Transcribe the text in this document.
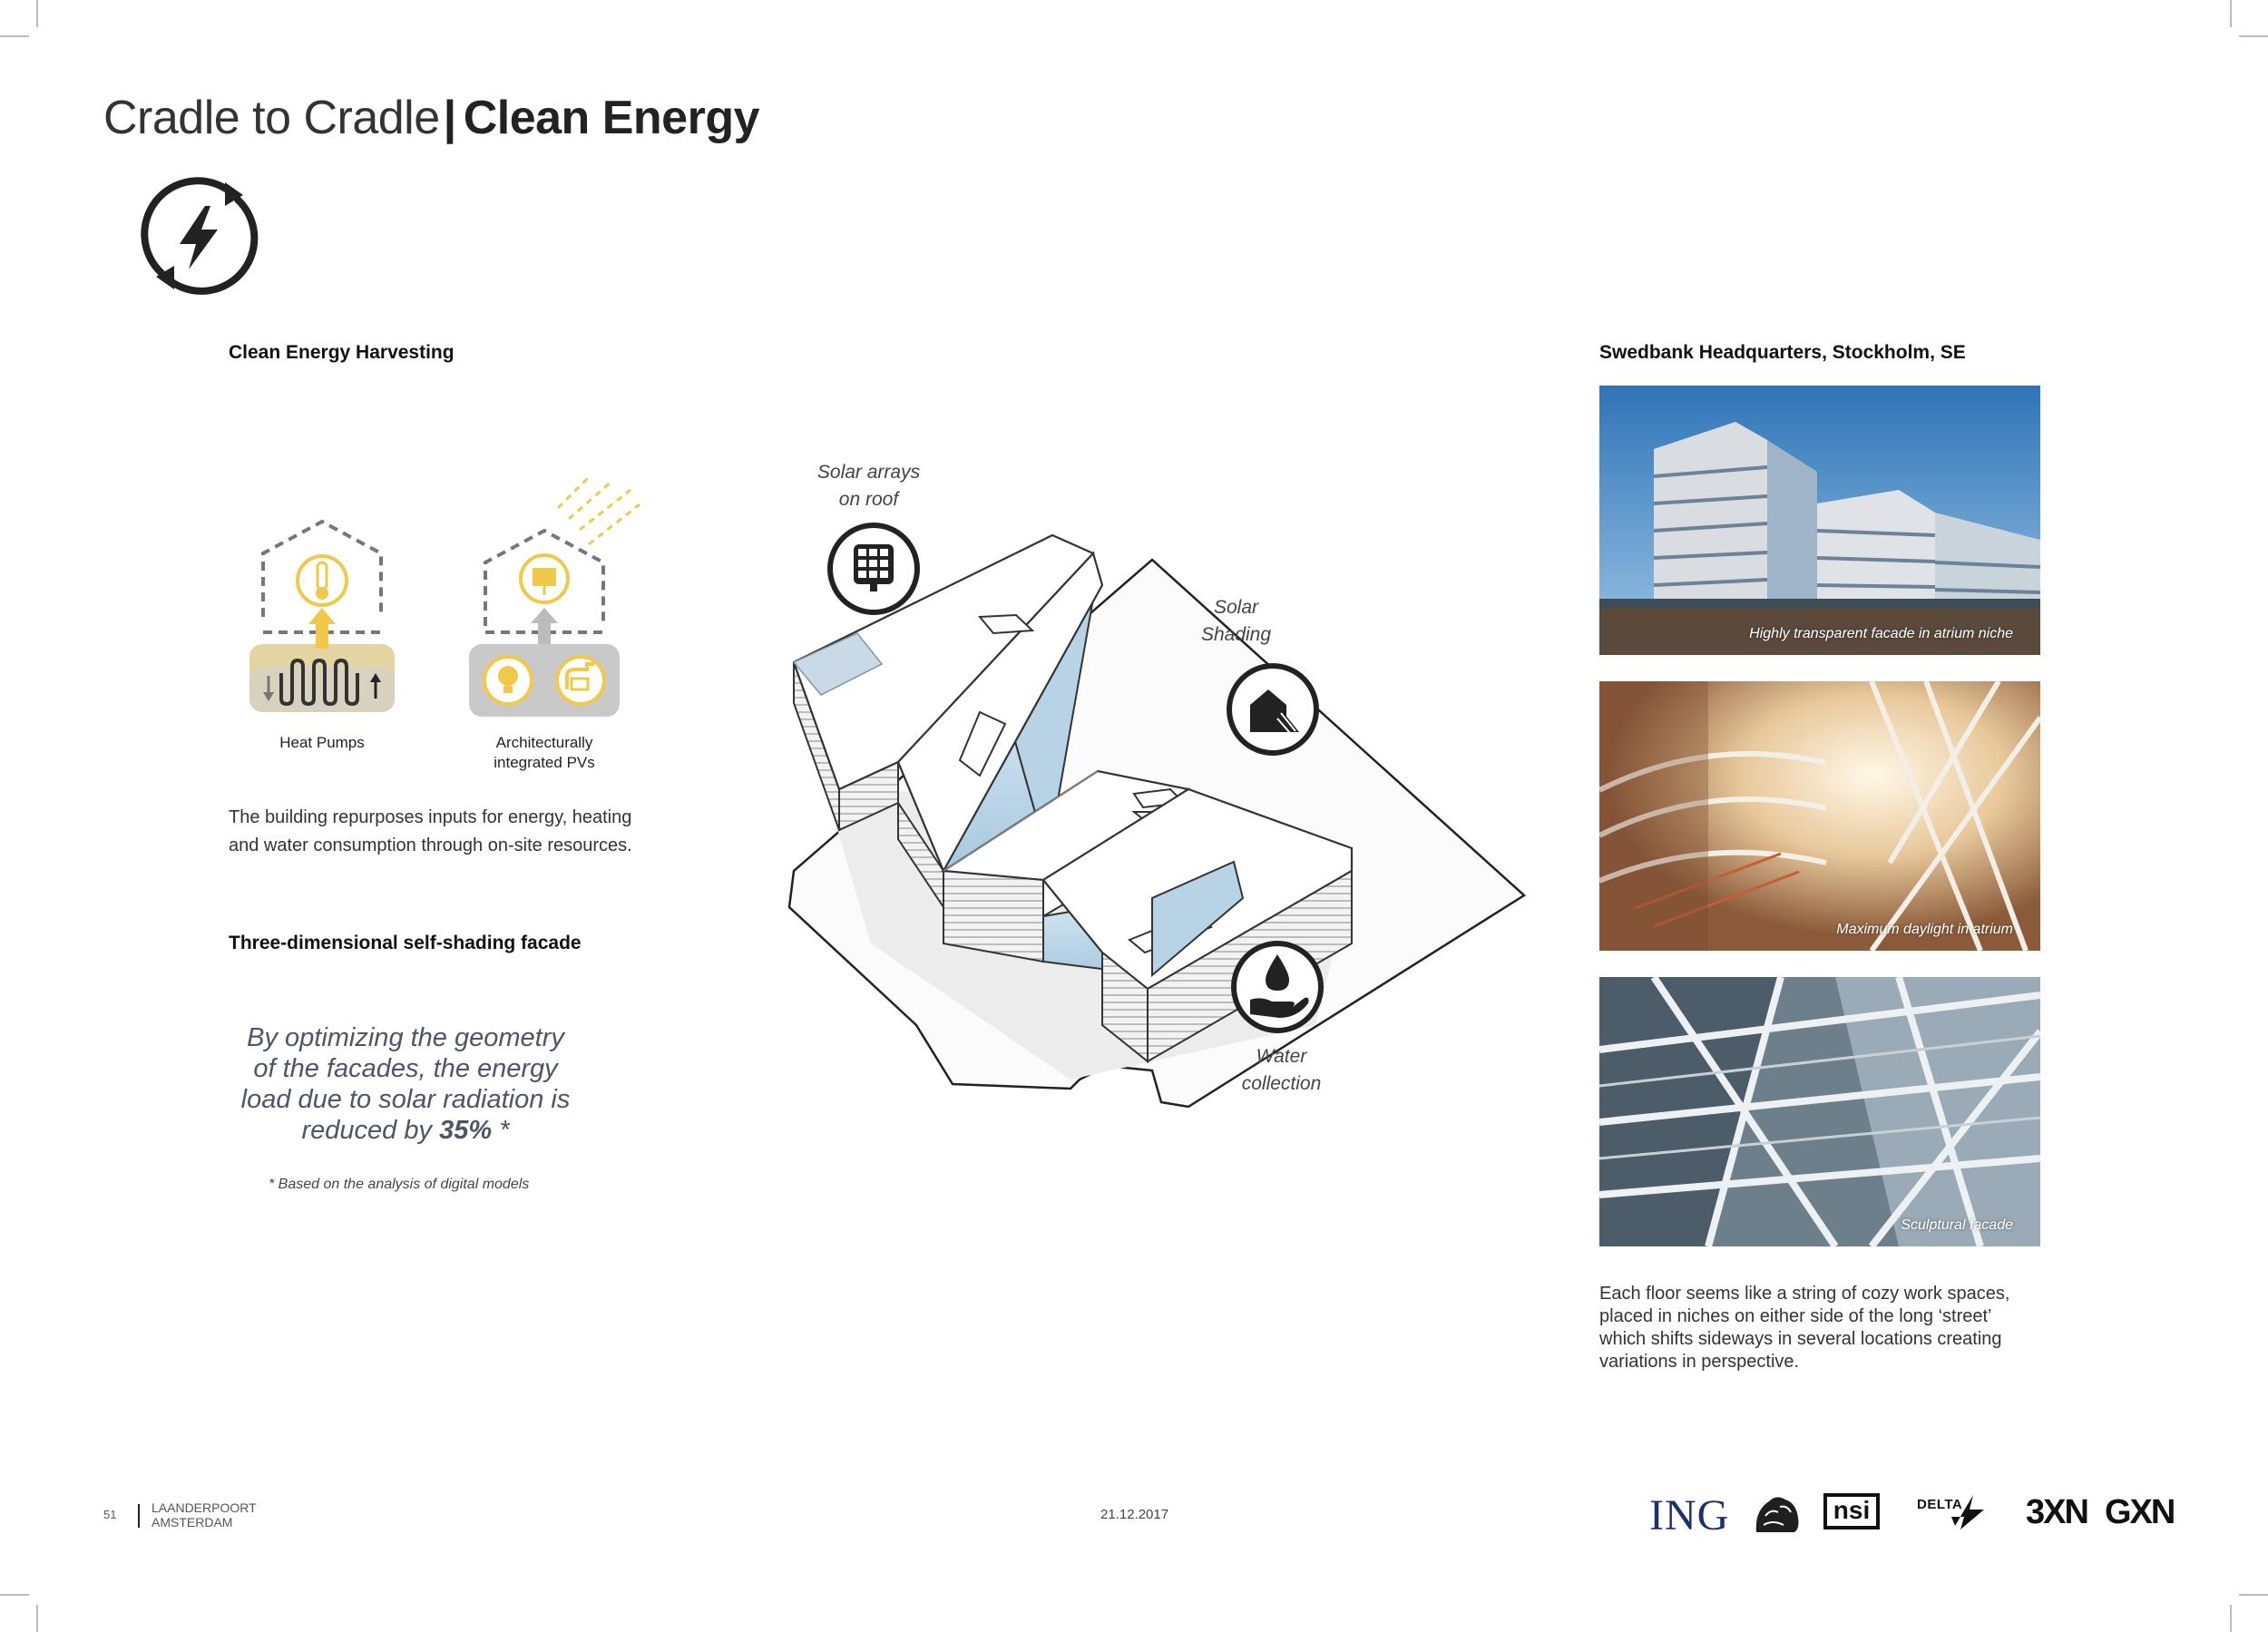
Cradle to Cradle| Clean Energy
Clean Energy Harvesting
Heat Pumps	Architecturally
integrated PVs
The building repurposes inputs for energy, heating
and water consumption through on-site resources.
Three-dimensional self-shading facade
By optimizing the geometry
of the facades, the energy
load due to solar radiation is
reduced by 35% *
* Based on the analysis of digital models
Solar arrays
on roof
Solar
Shading
Water
collection
Swedbank Headquarters, Stockholm, SE
Highly transparent facade in atrium niche
Maximum daylight in atrium
Sculptural facade
Each floor seems like a string of cozy work spaces,
placed in niches on either side of the long ‘street’
which shifts sideways in several locations creating
variations in perspective.
51	LAANDERPOORT
AMSTERDAM	21.12.2017	ING	nsi	DELTA 3XN GXN
